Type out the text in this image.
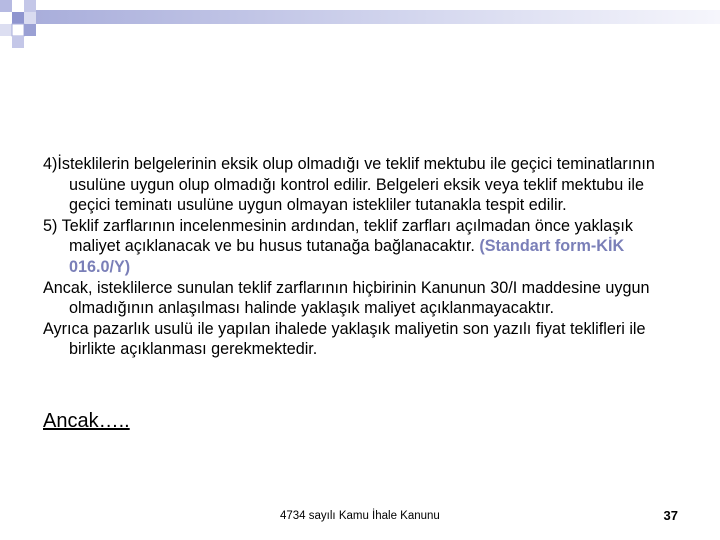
4)İsteklilerin belgelerinin eksik olup olmadığı ve teklif mektubu ile geçici teminatlarının usulüne uygun olup olmadığı kontrol edilir. Belgeleri eksik veya teklif mektubu ile geçici teminatı usulüne uygun olmayan istekliler tutanakla tespit edilir.

5) Teklif zarflarının incelenmesinin ardından, teklif zarfları açılmadan önce yaklaşık maliyet açıklanacak ve bu husus tutanağa bağlanacaktır. (Standart form-KİK 016.0/Y)

Ancak, isteklilerce sunulan teklif zarflarının hiçbirinin Kanunun 30/I maddesine uygun olmadığının anlaşılması halinde yaklaşık maliyet açıklanmayacaktır.

Ayrıca pazarlık usulü ile yapılan ihalede yaklaşık maliyetin son yazılı fiyat teklifleri ile birlikte açıklanması gerekmektedir.

Ancak…..
4734 sayılı Kamu İhale Kanunu	37
